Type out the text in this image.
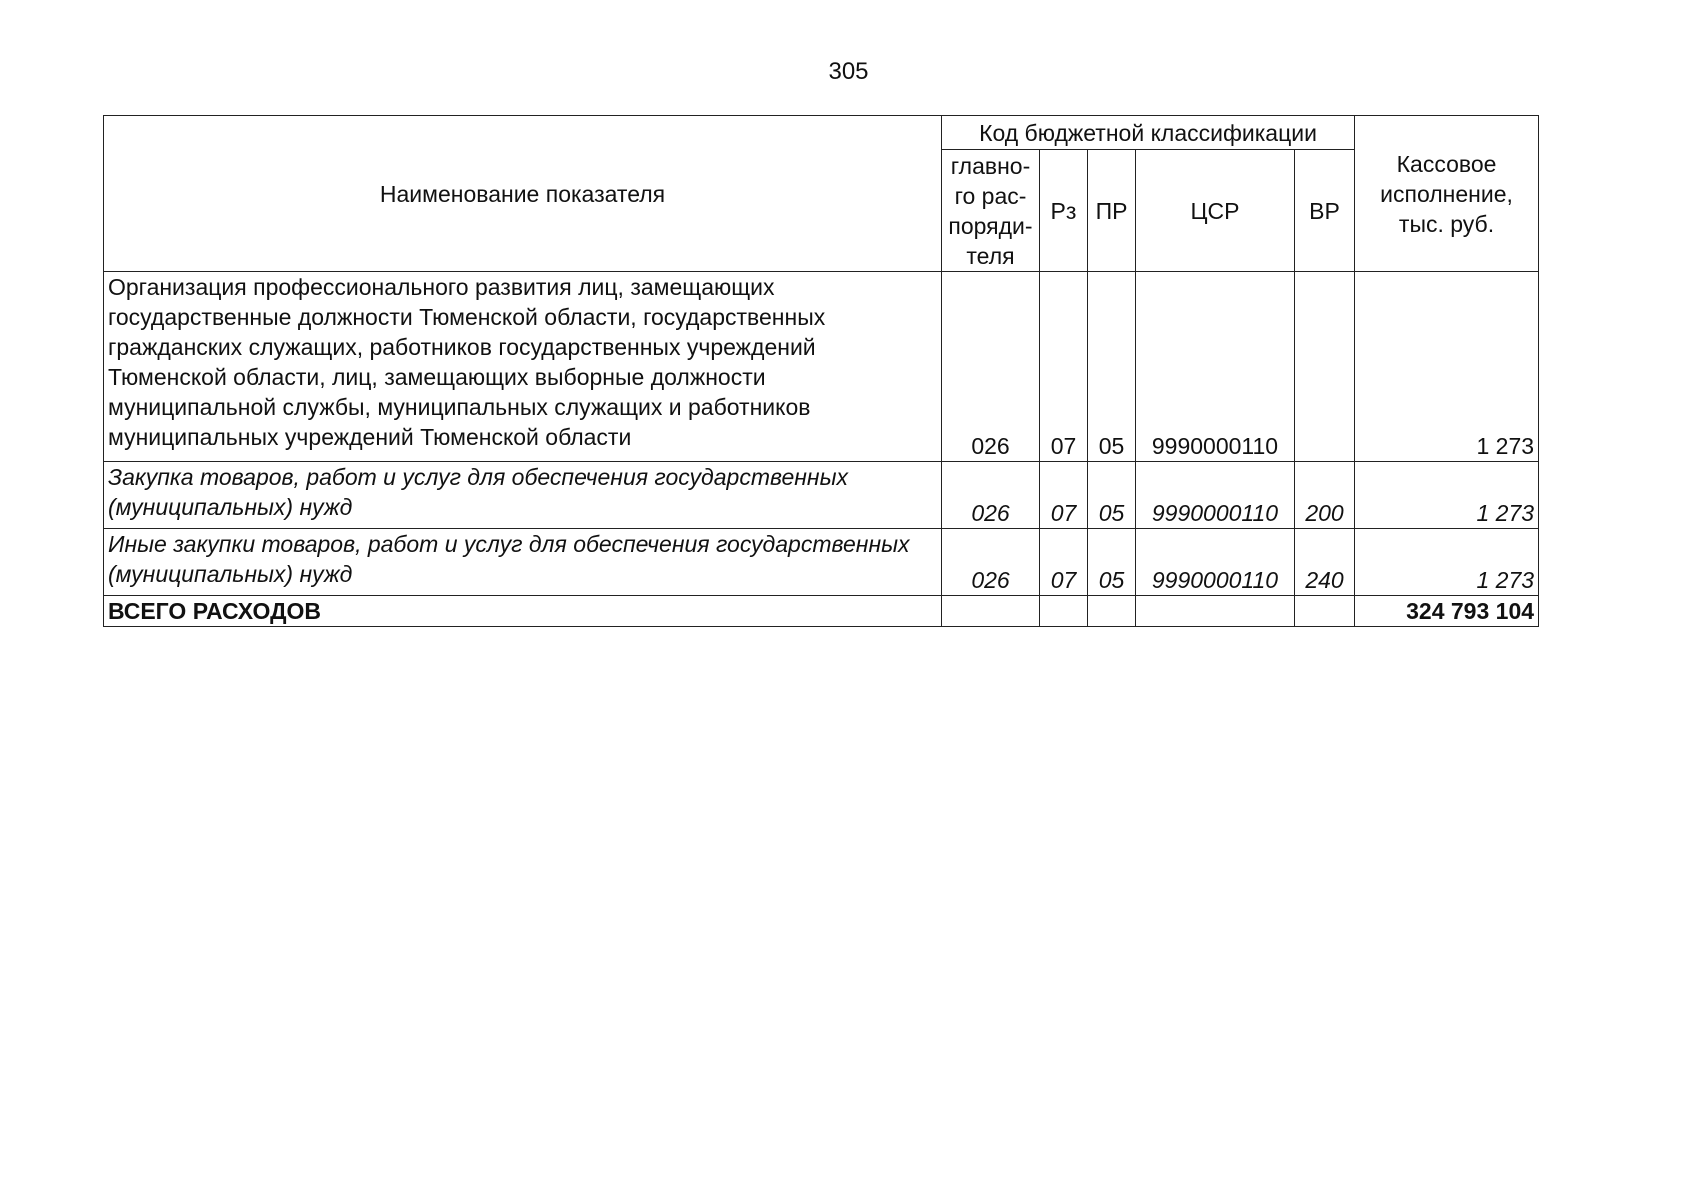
305
Наименование показателя	Код бюджетной классификации					Кассовое исполнение, тыс. руб.
	главно-го рас-поряди-теля	Рз	ПР	ЦСР	ВР	
Организация профессионального развития лиц, замещающих государственные должности Тюменской области, государственных гражданских служащих, работников государственных учреждений Тюменской области, лиц, замещающих выборные должности муниципальной службы, муниципальных служащих и работников муниципальных учреждений Тюменской области	026	07	05	9990000110		1 273
Закупка товаров, работ и услуг для обеспечения государственных (муниципальных) нужд	026	07	05	9990000110	200	1 273
Иные закупки товаров, работ и услуг для обеспечения государственных (муниципальных) нужд	026	07	05	9990000110	240	1 273
ВСЕГО РАСХОДОВ						324 793 104
